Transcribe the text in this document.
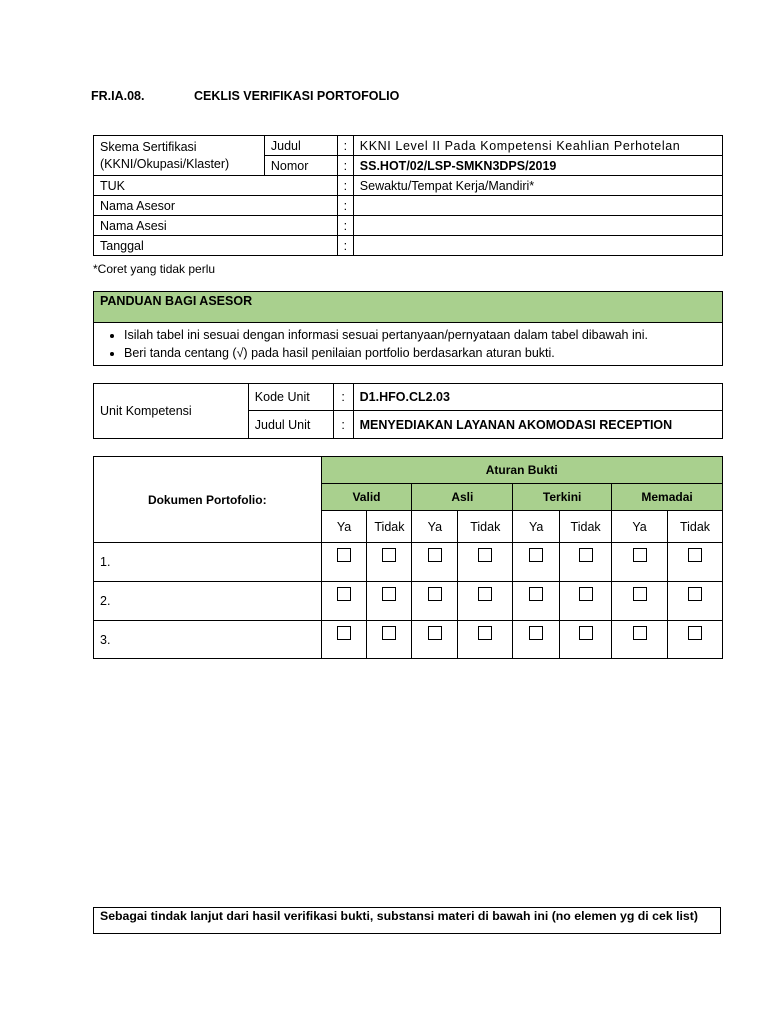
FR.IA.08.	CEKLIS VERIFIKASI PORTOFOLIO
Skema Sertifikasi
(KKNI/Okupasi/Klaster)	Judul	:	KKNI Level II Pada Kompetensi Keahlian Perhotelan
	Nomor	:	SS.HOT/02/LSP-SMKN3DPS/2019
TUK		:	Sewaktu/Tempat Kerja/Mandiri*
Nama Asesor		:	
Nama Asesi		:	
Tanggal		:	
*Coret yang tidak perlu
PANDUAN BAGI ASESOR

• Isilah tabel ini sesuai dengan informasi sesuai pertanyaan/pernyataan dalam tabel dibawah ini.
• Beri tanda centang (√) pada hasil penilaian portfolio berdasarkan aturan bukti.
Unit Kompetensi	Kode Unit	:	D1.HFO.CL2.03
	Judul Unit	:	MENYEDIAKAN LAYANAN AKOMODASI RECEPTION
Dokumen Portofolio:	Aturan Bukti							
	Valid		Asli		Terkini		Memadai	
	Ya	Tidak	Ya	Tidak	Ya	Tidak	Ya	Tidak
1.								
2.								
3.								
Sebagai tindak lanjut dari hasil verifikasi bukti, substansi materi di bawah ini (no elemen yg di cek list)
